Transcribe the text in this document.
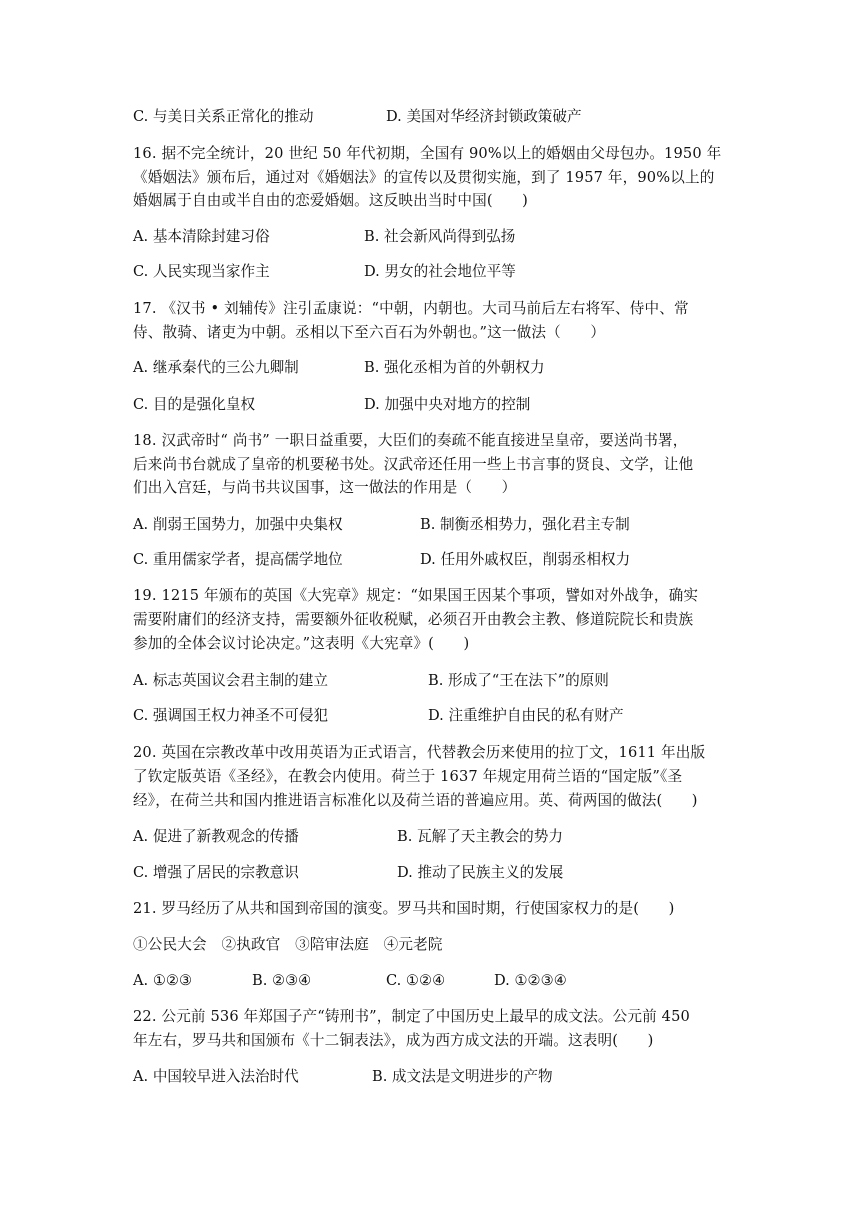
C. 与美日关系正常化的推动	D. 美国对华经济封锁政策破产
16. 据不完全统计，20 世纪 50 年代初期，全国有 90%以上的婚姻由父母包办。1950 年
《婚姻法》颁布后，通过对《婚姻法》的宣传以及贯彻实施，到了 1957 年，90%以上的
婚姻属于自由或半自由的恋爱婚姻。这反映出当时中国(　　)
A. 基本清除封建习俗	B. 社会新风尚得到弘扬
C. 人民实现当家作主	D. 男女的社会地位平等
17. 《汉书 • 刘辅传》注引孟康说：“中朝，内朝也。大司马前后左右将军、侍中、常
侍、散骑、诸吏为中朝。丞相以下至六百石为外朝也。”这一做法（　　）
A. 继承秦代的三公九卿制	B. 强化丞相为首的外朝权力
C. 目的是强化皇权	D. 加强中央对地方的控制
18. 汉武帝时“ 尚书” 一职日益重要，大臣们的奏疏不能直接进呈皇帝，要送尚书署，
后来尚书台就成了皇帝的机要秘书处。汉武帝还任用一些上书言事的贤良、文学，让他
们出入宫廷，与尚书共议国事，这一做法的作用是（　　）
A. 削弱王国势力，加强中央集权	B. 制衡丞相势力，强化君主专制
C. 重用儒家学者，提高儒学地位	D. 任用外戚权臣，削弱丞相权力
19. 1215 年颁布的英国《大宪章》规定：“如果国王因某个事项，譬如对外战争，确实
需要附庸们的经济支持，需要额外征收税赋，必须召开由教会主教、修道院院长和贵族
参加的全体会议讨论决定。”这表明《大宪章》(　　)
A. 标志英国议会君主制的建立	B. 形成了“王在法下”的原则
C. 强调国王权力神圣不可侵犯	D. 注重维护自由民的私有财产
20. 英国在宗教改革中改用英语为正式语言，代替教会历来使用的拉丁文，1611 年出版
了钦定版英语《圣经》，在教会内使用。荷兰于 1637 年规定用荷兰语的“国定版”《圣
经》，在荷兰共和国内推进语言标准化以及荷兰语的普遍应用。英、荷两国的做法(　　)
A. 促进了新教观念的传播	B. 瓦解了天主教会的势力
C. 增强了居民的宗教意识	D. 推动了民族主义的发展
21. 罗马经历了从共和国到帝国的演变。罗马共和国时期，行使国家权力的是(　　)
①公民大会　②执政官　③陪审法庭　④元老院
A. ①②③	B. ②③④	C. ①②④	D. ①②③④
22. 公元前 536 年郑国子产“铸刑书”，制定了中国历史上最早的成文法。公元前 450
年左右，罗马共和国颁布《十二铜表法》，成为西方成文法的开端。这表明(　　)
A. 中国较早进入法治时代	B. 成文法是文明进步的产物
